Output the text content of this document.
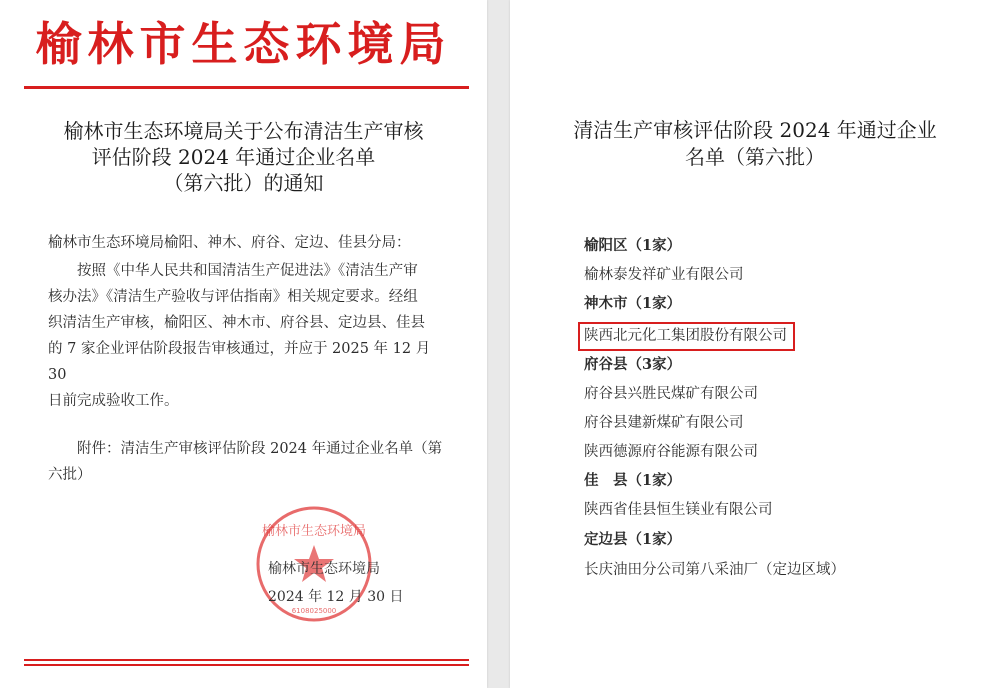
榆林市生态环境局
榆林市生态环境局关于公布清洁生产审核
评估阶段 2024 年通过企业名单
（第六批）的通知
榆林市生态环境局榆阳、神木、府谷、定边、佳县分局：
按照《中华人民共和国清洁生产促进法》《清洁生产审
核办法》《清洁生产验收与评估指南》相关规定要求。经组
织清洁生产审核，榆阳区、神木市、府谷县、定边县、佳县
的 7 家企业评估阶段报告审核通过，并应于 2025 年 12 月 30
日前完成验收工作。
附件：清洁生产审核评估阶段 2024 年通过企业名单（第
六批）
榆林市生态环境局
6108025000
榆林市生态环境局
2024 年 12 月 30 日
清洁生产审核评估阶段 2024 年通过企业
名单（第六批）
榆阳区（1家）
榆林泰发祥矿业有限公司
神木市（1家）
陕西北元化工集团股份有限公司
府谷县（3家）
府谷县兴胜民煤矿有限公司
府谷县建新煤矿有限公司
陕西德源府谷能源有限公司
佳　县（1家）
陕西省佳县恒生镁业有限公司
定边县（1家）
长庆油田分公司第八采油厂（定边区域）
